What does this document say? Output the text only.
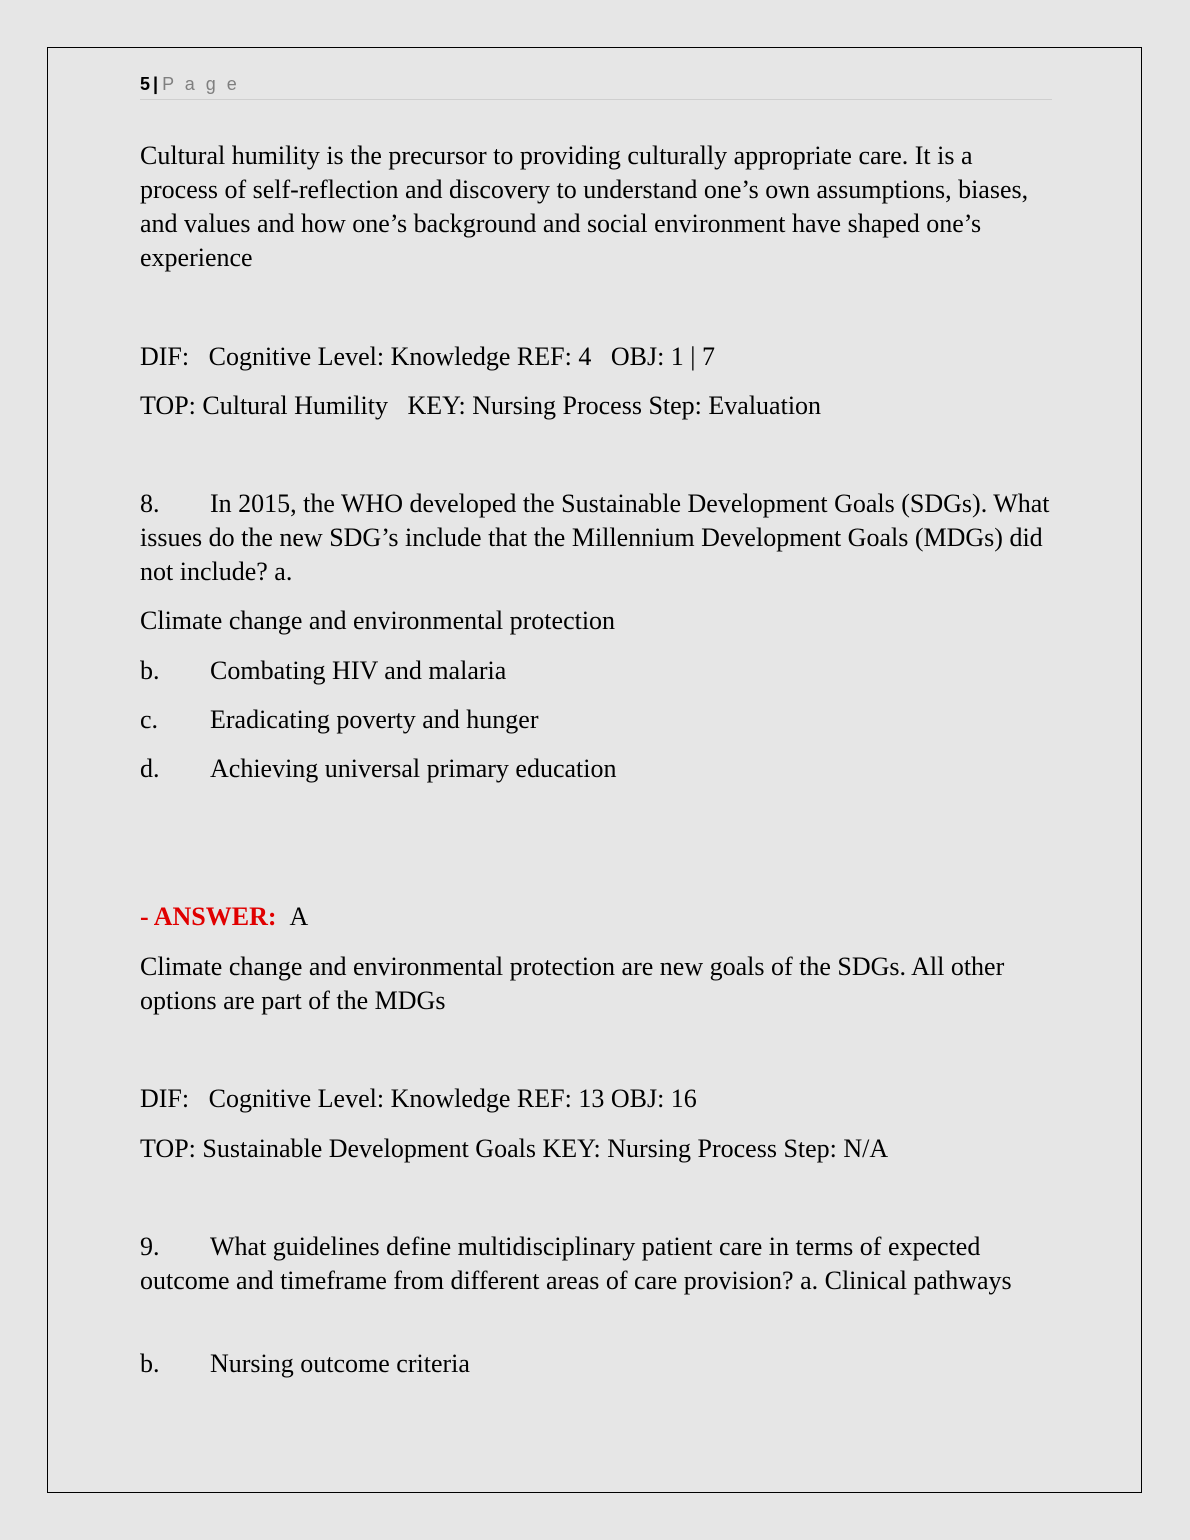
5 | P a g e

Cultural humility is the precursor to providing culturally appropriate care. It is a process of self-reflection and discovery to understand one’s own assumptions, biases, and values and how one’s background and social environment have shaped one’s experience

DIF:   Cognitive Level: Knowledge REF: 4   OBJ: 1 | 7

TOP: Cultural Humility   KEY: Nursing Process Step: Evaluation

8. In 2015, the WHO developed the Sustainable Development Goals (SDGs). What issues do the new SDG’s include that the Millennium Development Goals (MDGs) did not include? a.

Climate change and environmental protection

b. Combating HIV and malaria

c. Eradicating poverty and hunger

d. Achieving universal primary education

- ANSWER: A

Climate change and environmental protection are new goals of the SDGs. All other options are part of the MDGs

DIF:   Cognitive Level: Knowledge REF: 13 OBJ: 16

TOP: Sustainable Development Goals KEY: Nursing Process Step: N/A

9. What guidelines define multidisciplinary patient care in terms of expected outcome and timeframe from different areas of care provision? a. Clinical pathways

b. Nursing outcome criteria
